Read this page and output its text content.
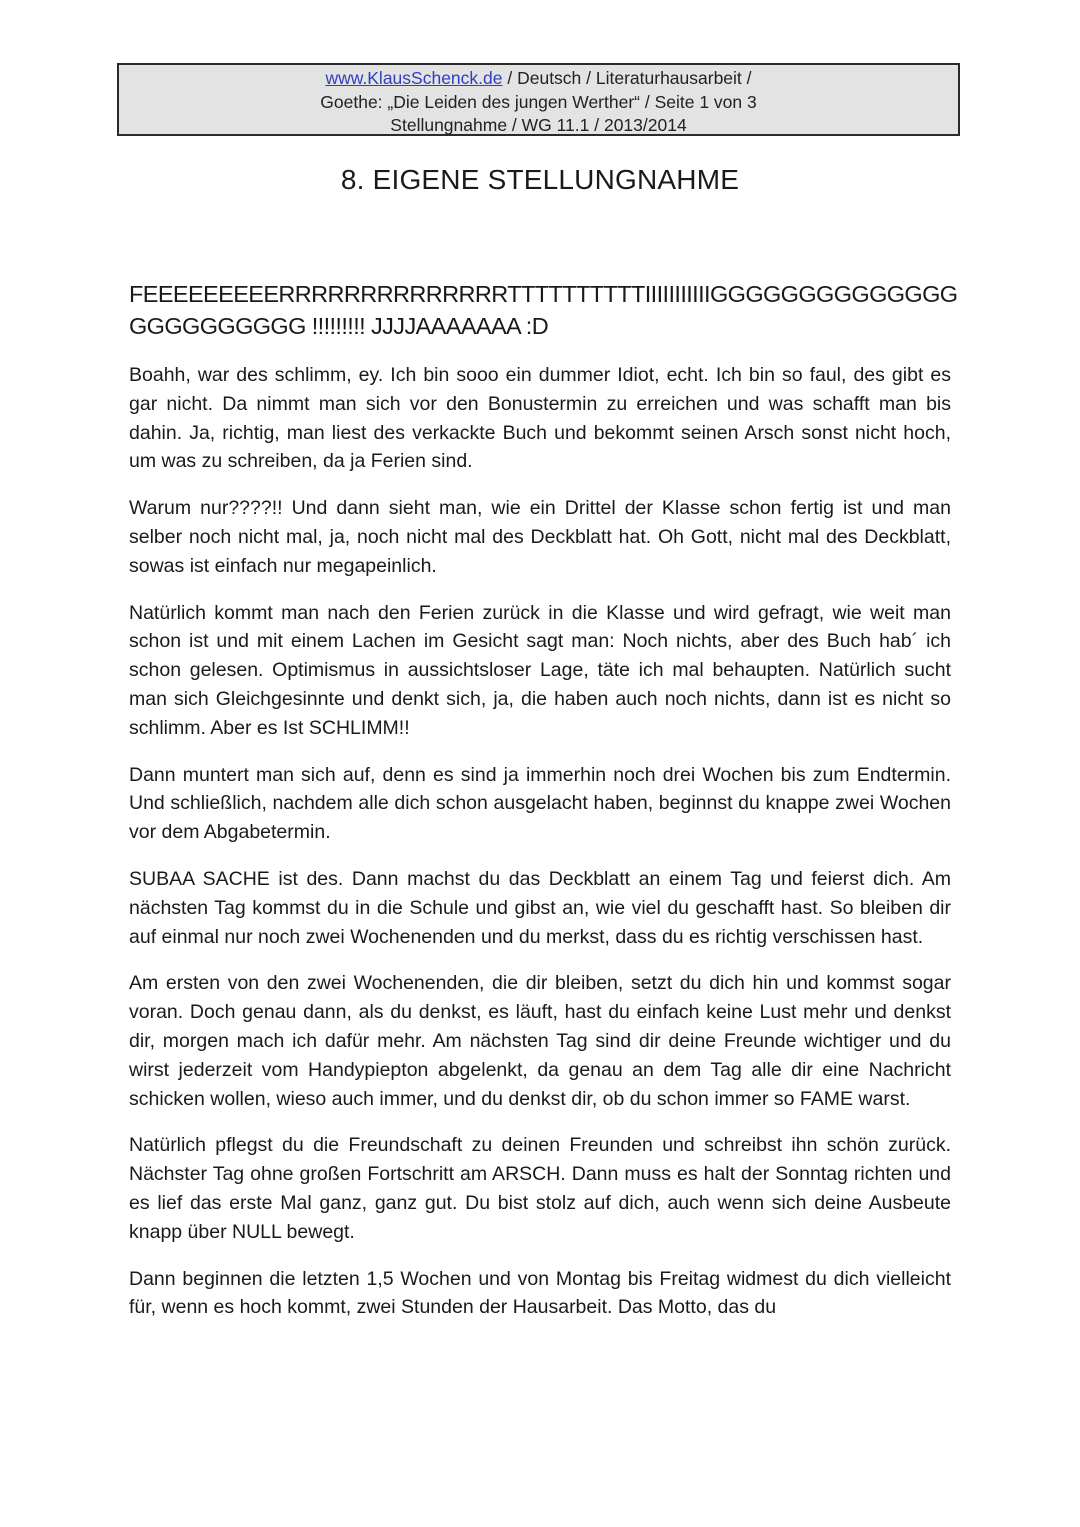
www.KlausSchenck.de / Deutsch / Literaturhausarbeit /
Goethe: „Die Leiden des jungen Werther“ / Seite 1 von 3
Stellungnahme / WG 11.1 / 2013/2014
8. EIGENE STELLUNGNAHME
FEEEEEEEEERRRRRRRRRRRRRRTTTTTTTTTTIIIIIIIIIIIGGGGGGGGGGGGGGGGGGGGGGGG !!!!!!!!! JJJJAAAAAAA :D

Boahh, war des schlimm, ey. Ich bin sooo ein dummer Idiot, echt. Ich bin so faul, des gibt es gar nicht. Da nimmt man sich vor den Bonustermin zu erreichen und was schafft man bis dahin. Ja, richtig, man liest des verkackte Buch und bekommt seinen Arsch sonst nicht hoch, um was zu schreiben, da ja Ferien sind.

Warum nur????!! Und dann sieht man, wie ein Drittel der Klasse schon fertig ist und man selber noch nicht mal, ja, noch nicht mal des Deckblatt hat. Oh Gott, nicht mal des Deckblatt, sowas ist einfach nur megapeinlich.

Natürlich kommt man nach den Ferien zurück in die Klasse und wird gefragt, wie weit man schon ist und mit einem Lachen im Gesicht sagt man: Noch nichts, aber des Buch hab´ ich schon gelesen. Optimismus in aussichtsloser Lage, täte ich mal behaupten. Natürlich sucht man sich Gleichgesinnte und denkt sich, ja, die haben auch noch nichts, dann ist es nicht so schlimm. Aber es Ist SCHLIMM!!

Dann muntert man sich auf, denn es sind ja immerhin noch drei Wochen bis zum Endtermin. Und schließlich, nachdem alle dich schon ausgelacht haben, beginnst du knappe zwei Wochen vor dem Abgabetermin.

SUBAA SACHE ist des. Dann machst du das Deckblatt an einem Tag und feierst dich. Am nächsten Tag kommst du in die Schule und gibst an, wie viel du geschafft hast. So bleiben dir auf einmal nur noch zwei Wochenenden und du merkst, dass du es richtig verschissen hast.

Am ersten von den zwei Wochenenden, die dir bleiben, setzt du dich hin und kommst sogar voran. Doch genau dann, als du denkst, es läuft, hast du einfach keine Lust mehr und denkst dir, morgen mach ich dafür mehr. Am nächsten Tag sind dir deine Freunde wichtiger und du wirst jederzeit vom Handypiepton abgelenkt, da genau an dem Tag alle dir eine Nachricht schicken wollen, wieso auch immer, und du denkst dir, ob du schon immer so FAME warst.

Natürlich pflegst du die Freundschaft zu deinen Freunden und schreibst ihn schön zurück. Nächster Tag ohne großen Fortschritt am ARSCH. Dann muss es halt der Sonntag richten und es lief das erste Mal ganz, ganz gut. Du bist stolz auf dich, auch wenn sich deine Ausbeute knapp über NULL bewegt.

Dann beginnen die letzten 1,5 Wochen und von Montag bis Freitag widmest du dich vielleicht für, wenn es hoch kommt, zwei Stunden der Hausarbeit. Das Motto, das du
